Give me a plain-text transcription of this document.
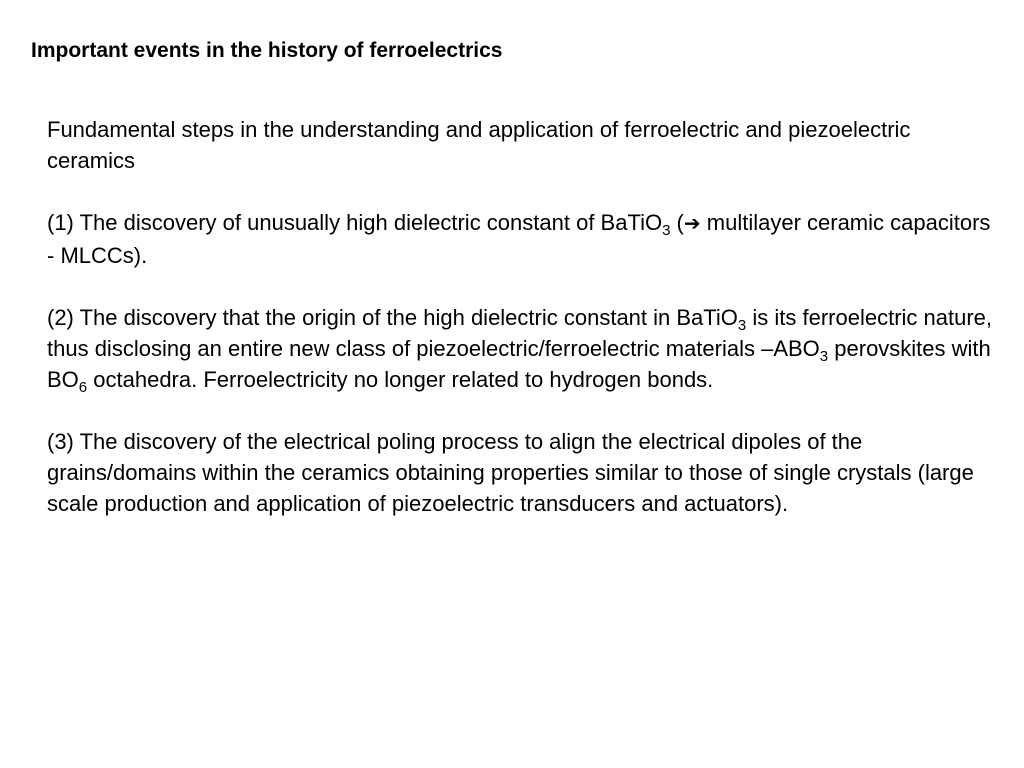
Important events in the history of ferroelectrics

Fundamental steps in the understanding and application of ferroelectric and piezoelectric ceramics

(1) The discovery of unusually high dielectric constant of BaTiO$_3$ (➔ multilayer ceramic capacitors - MLCCs).

(2) The discovery that the origin of the high dielectric constant in BaTiO$_3$ is its ferroelectric nature, thus disclosing an entire new class of piezoelectric/ferroelectric materials $-ABO_3$ perovskites with $BO_6$ octahedra. Ferroelectricity no longer related to hydrogen bonds.

(3) The discovery of the electrical poling process to align the electrical dipoles of the grains/domains within the ceramics obtaining properties similar to those of single crystals (large scale production and application of piezoelectric transducers and actuators).
